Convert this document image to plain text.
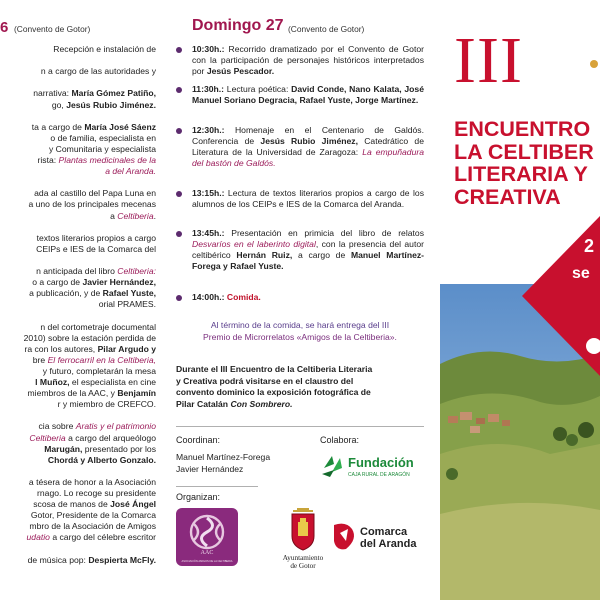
6 (Convento de Gotor)
Recepción e instalación de
n a cargo de las autoridades y
narrativa: María Gómez Patiño,
go, Jesús Rubio Jiménez.
ta a cargo de María José Sáenz
o de familia, especialista en
y Comunitaria y especialista
rista: Plantas medicinales de la
a del Aranda.
ada al castillo del Papa Luna en
a uno de los principales mecenas
a Celtiberia.
textos literarios propios a cargo
CEIPs e IES de la Comarca del
n anticipada del libro Celtiberia:
o a cargo de Javier Hernández,
a publicación, y de Rafael Yuste,
orial PRAMES.
n del cortometraje documental
2010) sobre la estación perdida de
ra con los autores, Pilar Argudo y
bre El ferrocarril en la Celtiberia,
y futuro, completarán la mesa
l Muñoz, el especialista en cine
miembros de la AAC, y Benjamín
r y miembro de CREFCO.
cia sobre Aratis y el patrimonio
Celtiberia a cargo del arqueólogo
Marugán, presentado por los
Chordá y Alberto Gonzalo.
a tésera de honor a la Asociación
rnago. Lo recoge su presidente
scosa de manos de José Ángel
Gotor, Presidente de la Comarca
mbro de la Asociación de Amigos
udatio a cargo del célebre escritor
de música pop: Despierta McFly.
Domingo 27 (Convento de Gotor)
10:30h.: Recorrido dramatizado por el Convento de Gotor con la participación de personajes históricos interpretados por Jesús Pescador.
11:30h.: Lectura poética: David Conde, Nano Kalata, José Manuel Soriano Degracia, Rafael Yuste, Jorge Martínez.
12:30h.: Homenaje en el Centenario de Galdós. Conferencia de Jesús Rubio Jiménez, Catedrático de Literatura de la Universidad de Zaragoza: La empuñadura del bastón de Galdós.
13:15h.: Lectura de textos literarios propios a cargo de los alumnos de los CEIPs e IES de la Comarca del Aranda.
13:45h.: Presentación en primicia del libro de relatos Desvaríos en el laberinto digital, con la presencia del autor celtibérico Hernán Ruiz, a cargo de Manuel Martínez-Forega y Rafael Yuste.
14:00h.: Comida.
Al término de la comida, se hará entrega del III
Premio de Microrrelatos «Amigos de la Celtiberia».
Durante el III Encuentro de la Celtiberia Literaria
y Creativa podrá visitarse en el claustro del
convento dominico la exposición fotográfica de
Pilar Catalán Con Sombrero.
Coordinan:
Manuel Martínez-Forega
Javier Hernández
Colabora:
Fundación
CAJA RURAL DE ARAGÓN
Organizan:
AAC
ASOCIACIÓN AMIGOS DE LA CELTIBERIA	Ayuntamiento
de Gotor
Comarca
del Aranda
III
ENCUENTRO
LA CELTIBER
LITERARIA Y
CREATIVA
2
se
